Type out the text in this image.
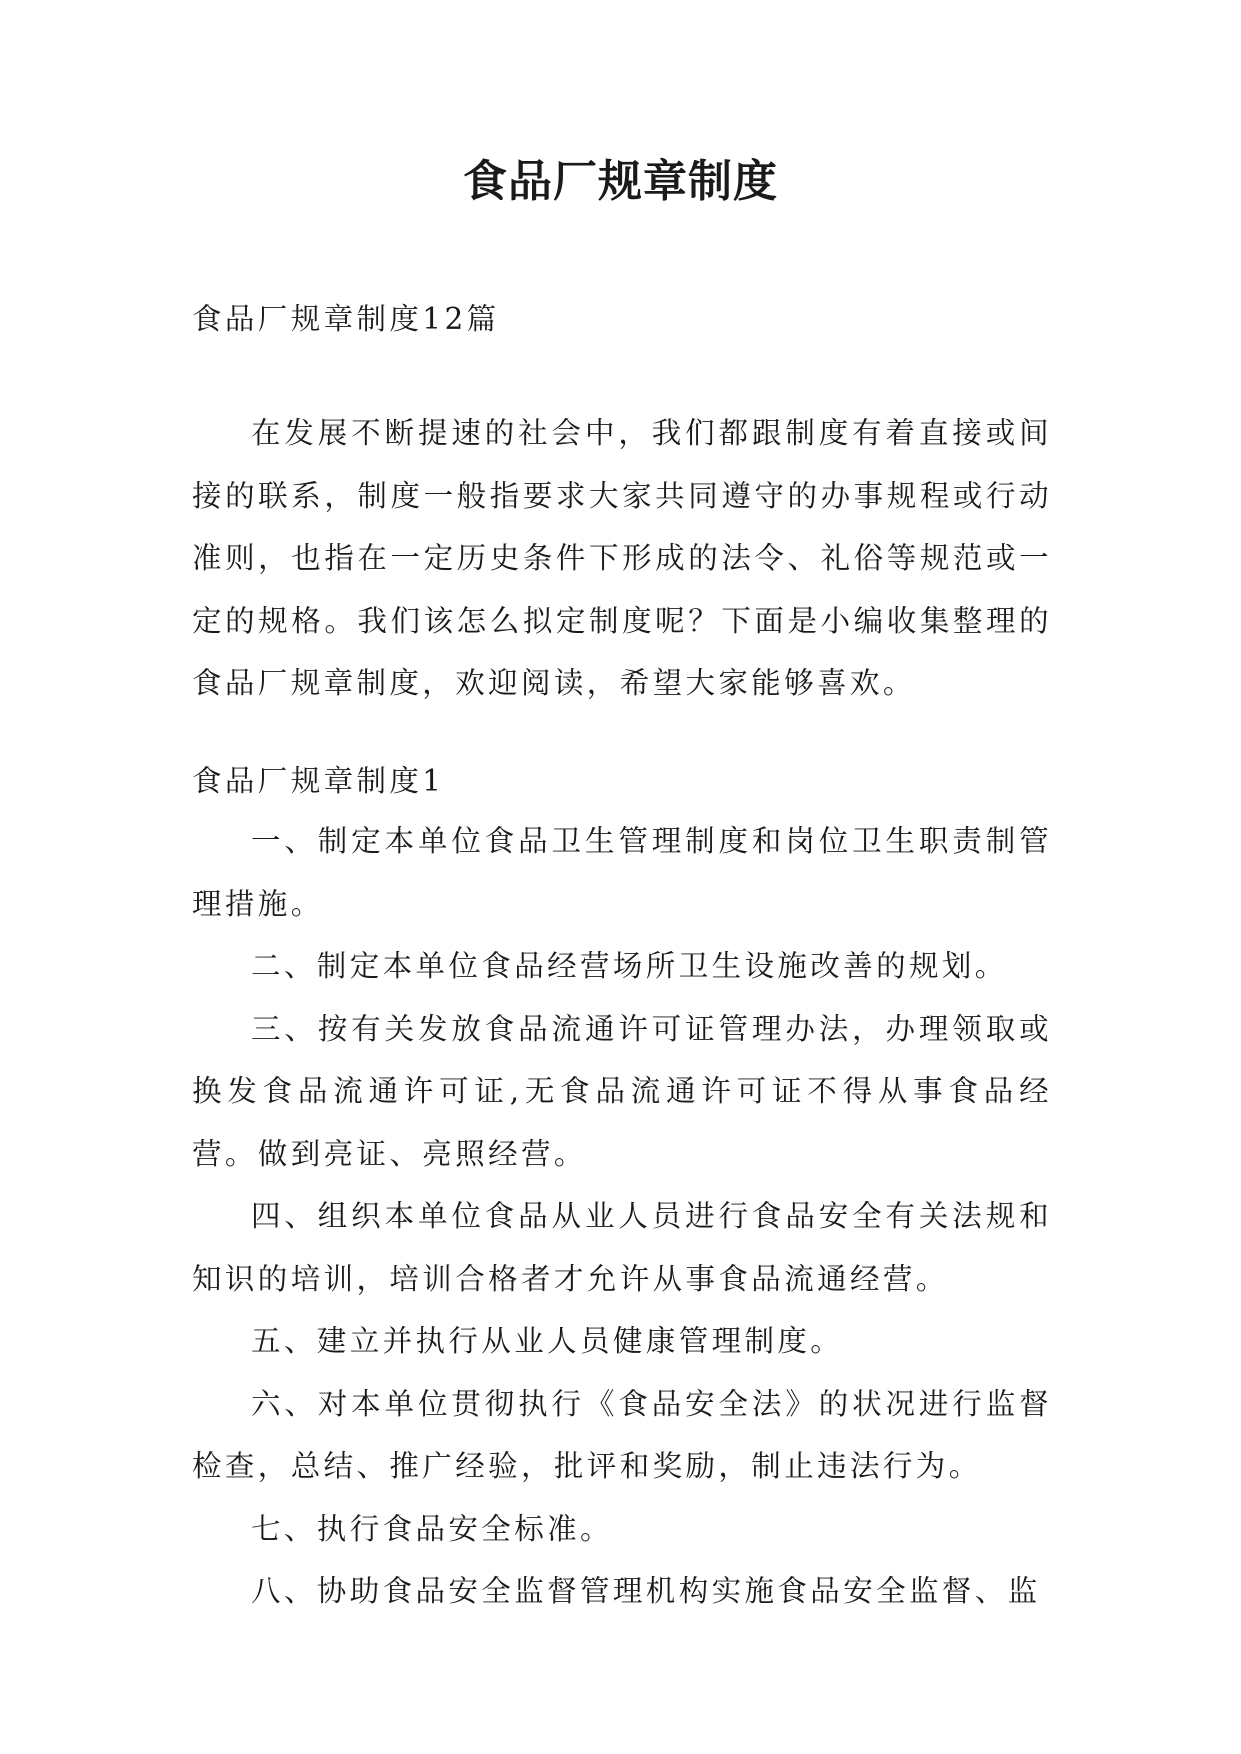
食品厂规章制度
食品厂规章制度12篇
在发展不断提速的社会中，我们都跟制度有着直接或间接的联系，制度一般指要求大家共同遵守的办事规程或行动准则，也指在一定历史条件下形成的法令、礼俗等规范或一定的规格。我们该怎么拟定制度呢？下面是小编收集整理的食品厂规章制度，欢迎阅读，希望大家能够喜欢。
食品厂规章制度1
一、制定本单位食品卫生管理制度和岗位卫生职责制管理措施。
二、制定本单位食品经营场所卫生设施改善的规划。
三、按有关发放食品流通许可证管理办法，办理领取或换发食品流通许可证,无食品流通许可证不得从事食品经营。做到亮证、亮照经营。
四、组织本单位食品从业人员进行食品安全有关法规和知识的培训，培训合格者才允许从事食品流通经营。
五、建立并执行从业人员健康管理制度。
六、对本单位贯彻执行《食品安全法》的状况进行监督检查，总结、推广经验，批评和奖励，制止违法行为。
七、执行食品安全标准。
八、协助食品安全监督管理机构实施食品安全监督、监
